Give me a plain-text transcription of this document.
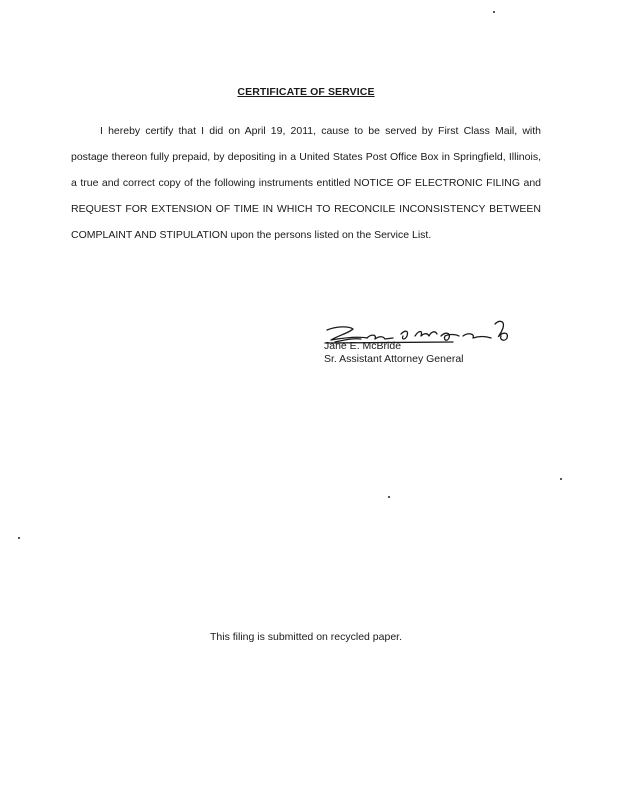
CERTIFICATE OF SERVICE

I hereby certify that I did on April 19, 2011, cause to be served by First Class Mail, with postage thereon fully prepaid, by depositing in a United States Post Office Box in Springfield, Illinois, a true and correct copy of the following instruments entitled NOTICE OF ELECTRONIC FILING and REQUEST FOR EXTENSION OF TIME IN WHICH TO RECONCILE INCONSISTENCY BETWEEN COMPLAINT AND STIPULATION upon the persons listed on the Service List.

Jane E. McBride
Sr. Assistant Attorney General
This filing is submitted on recycled paper.
